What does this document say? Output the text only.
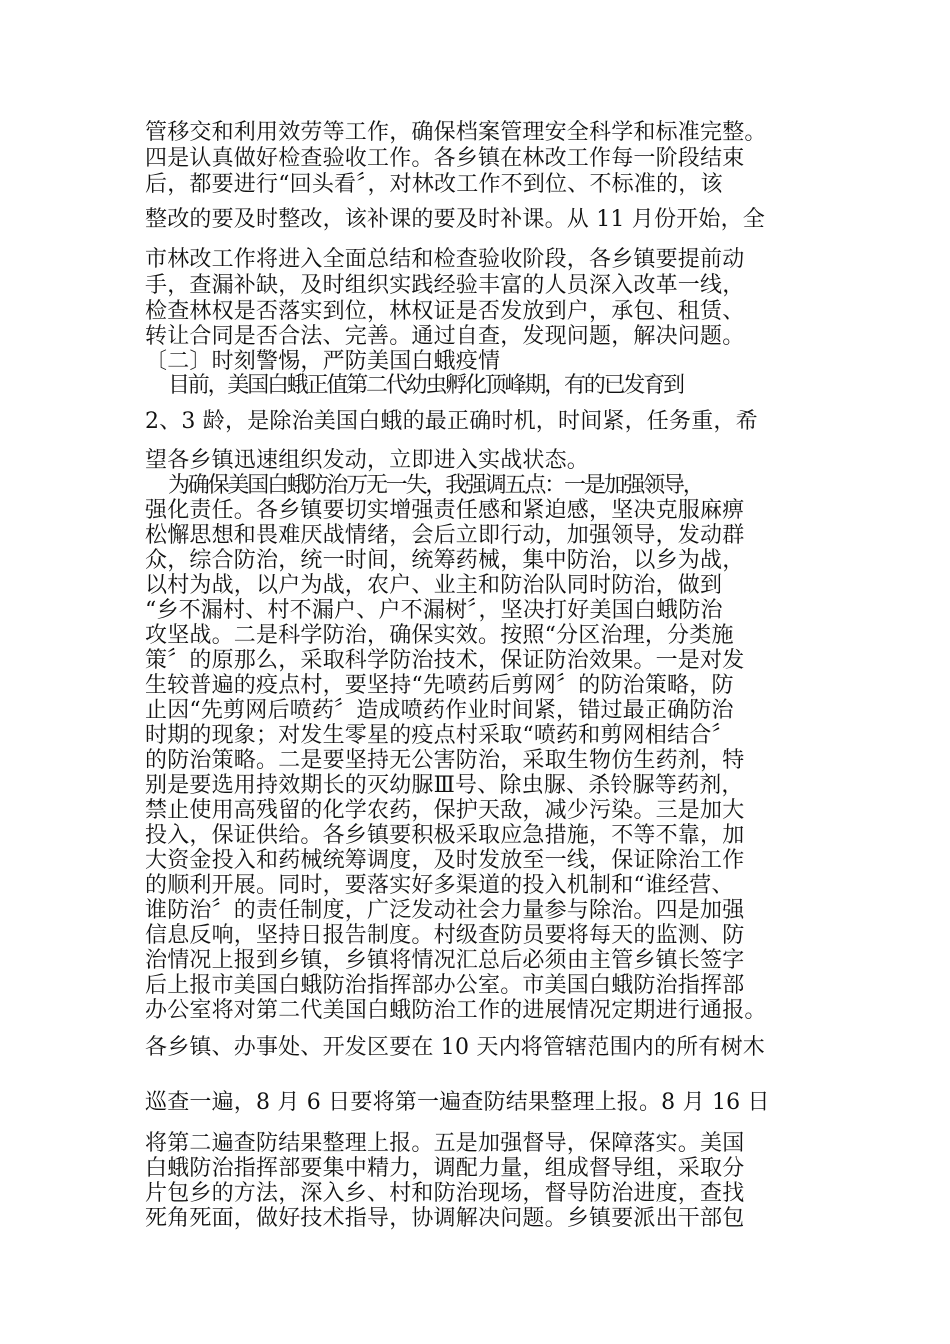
管移交和利用效劳等工作，确保档案管理安全科学和标准完整。
四是认真做好检查验收工作。各乡镇在林改工作每一阶段结束
后，都要进行“回头看〞，对林改工作不到位、不标准的，该
整改的要及时整改，该补课的要及时补课。从 11 月份开始，全
市林改工作将进入全面总结和检查验收阶段，各乡镇要提前动
手，查漏补缺，及时组织实践经验丰富的人员深入改革一线，
检查林权是否落实到位，林权证是否发放到户，承包、租赁、
转让合同是否合法、完善。通过自查，发现问题，解决问题。
〔二〕时刻警惕，严防美国白蛾疫情
目前，美国白蛾正值第二代幼虫孵化顶峰期，有的已发育到
2、3 龄，是除治美国白蛾的最正确时机，时间紧，任务重，希
望各乡镇迅速组织发动，立即进入实战状态。
为确保美国白蛾防治万无一失，我强调五点：一是加强领导，
强化责任。各乡镇要切实增强责任感和紧迫感，坚决克服麻痹
松懈思想和畏难厌战情绪，会后立即行动，加强领导，发动群
众，综合防治，统一时间，统筹药械，集中防治，以乡为战，
以村为战，以户为战，农户、业主和防治队同时防治，做到
“乡不漏村、村不漏户、户不漏树〞，坚决打好美国白蛾防治
攻坚战。二是科学防治，确保实效。按照“分区治理，分类施
策〞的原那么，采取科学防治技术，保证防治效果。一是对发
生较普遍的疫点村，要坚持“先喷药后剪网〞的防治策略，防
止因“先剪网后喷药〞造成喷药作业时间紧，错过最正确防治
时期的现象；对发生零星的疫点村采取“喷药和剪网相结合〞
的防治策略。二是要坚持无公害防治，采取生物仿生药剂，特
别是要选用持效期长的灭幼脲Ⅲ号、除虫脲、杀铃脲等药剂，
禁止使用高残留的化学农药，保护天敌，减少污染。三是加大
投入，保证供给。各乡镇要积极采取应急措施，不等不靠，加
大资金投入和药械统筹调度，及时发放至一线，保证除治工作
的顺利开展。同时，要落实好多渠道的投入机制和“谁经营、
谁防治〞的责任制度，广泛发动社会力量参与除治。四是加强
信息反响，坚持日报告制度。村级查防员要将每天的监测、防
治情况上报到乡镇，乡镇将情况汇总后必须由主管乡镇长签字
后上报市美国白蛾防治指挥部办公室。市美国白蛾防治指挥部
办公室将对第二代美国白蛾防治工作的进展情况定期进行通报。
各乡镇、办事处、开发区要在 10 天内将管辖范围内的所有树木
巡查一遍，8 月 6 日要将第一遍查防结果整理上报。8 月 16 日
将第二遍查防结果整理上报。五是加强督导，保障落实。美国
白蛾防治指挥部要集中精力，调配力量，组成督导组，采取分
片包乡的方法，深入乡、村和防治现场，督导防治进度，查找
死角死面，做好技术指导，协调解决问题。乡镇要派出干部包
